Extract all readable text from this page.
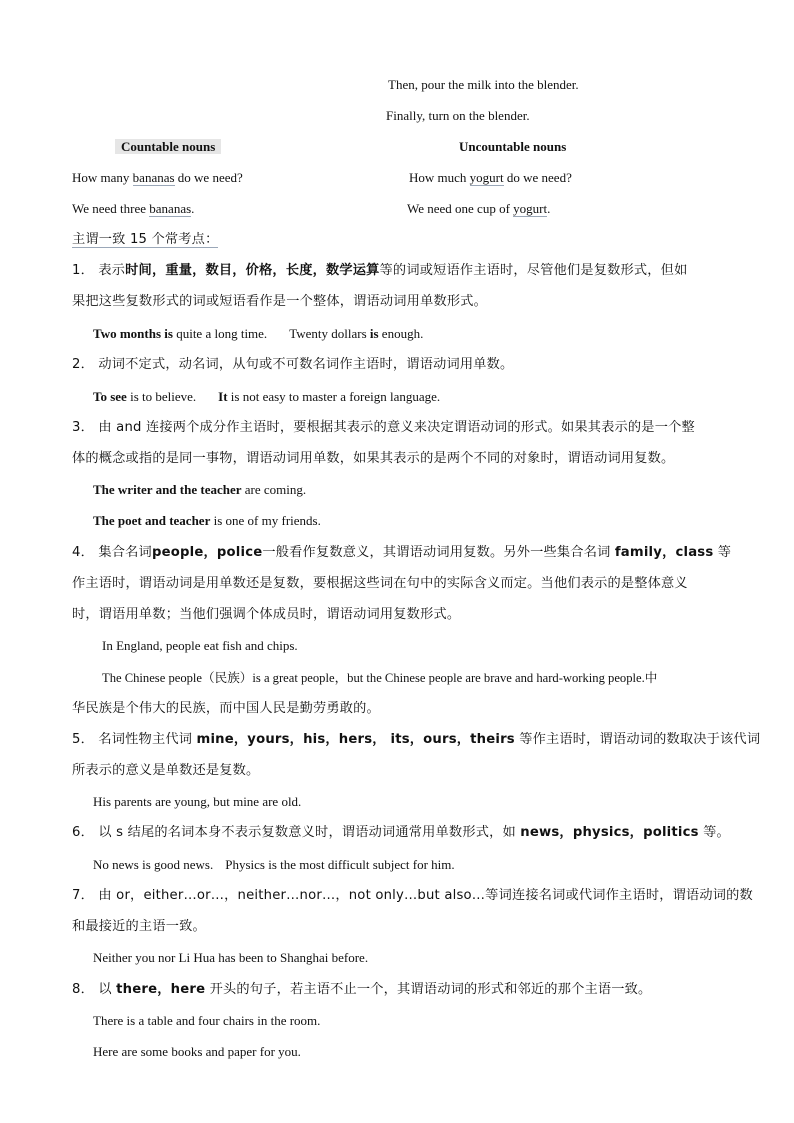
Then, pour the milk into the blender.
Finally, turn on the blender.
Countable nouns	Uncountable nouns
How many bananas do we need?	How much yogurt do we need?
We need three bananas.	We need one cup of yogurt.
主谓一致 15 个常考点：
1． 表示时间，重量，数目，价格，长度，数学运算等的词或短语作主语时，尽管他们是复数形式，但如
果把这些复数形式的词或短语看作是一个整体，谓语动词用单数形式。
Two months is quite a long time. Twenty dollars is enough.
2． 动词不定式，动名词，从句或不可数名词作主语时，谓语动词用单数。
To see is to believe. It is not easy to master a foreign language.
3． 由 and 连接两个成分作主语时，要根据其表示的意义来决定谓语动词的形式。如果其表示的是一个整
体的概念或指的是同一事物，谓语动词用单数，如果其表示的是两个不同的对象时，谓语动词用复数。
The writer and the teacher are coming.
The poet and teacher is one of my friends.
4． 集合名词people，police一般看作复数意义，其谓语动词用复数。另外一些集合名词 family，class 等
作主语时，谓语动词是用单数还是复数，要根据这些词在句中的实际含义而定。当他们表示的是整体意义
时，谓语用单数；当他们强调个体成员时，谓语动词用复数形式。
In England, people eat fish and chips.
The Chinese people（民族）is a great people，but the Chinese people are brave and hard-working people.中
华民族是个伟大的民族，而中国人民是勤劳勇敢的。
5． 名词性物主代词 mine，yours，his，hers， its，ours，theirs 等作主语时，谓语动词的数取决于该代词
所表示的意义是单数还是复数。
His parents are young, but mine are old.
6． 以 s 结尾的名词本身不表示复数意义时，谓语动词通常用单数形式，如 news，physics，politics 等。
No news is good news. Physics is the most difficult subject for him.
7． 由 or，either…or…，neither…nor…，not only…but also…等词连接名词或代词作主语时，谓语动词的数
和最接近的主语一致。
Neither you nor Li Hua has been to Shanghai before.
8． 以 there，here 开头的句子，若主语不止一个，其谓语动词的形式和邻近的那个主语一致。
There is a table and four chairs in the room.
Here are some books and paper for you.
